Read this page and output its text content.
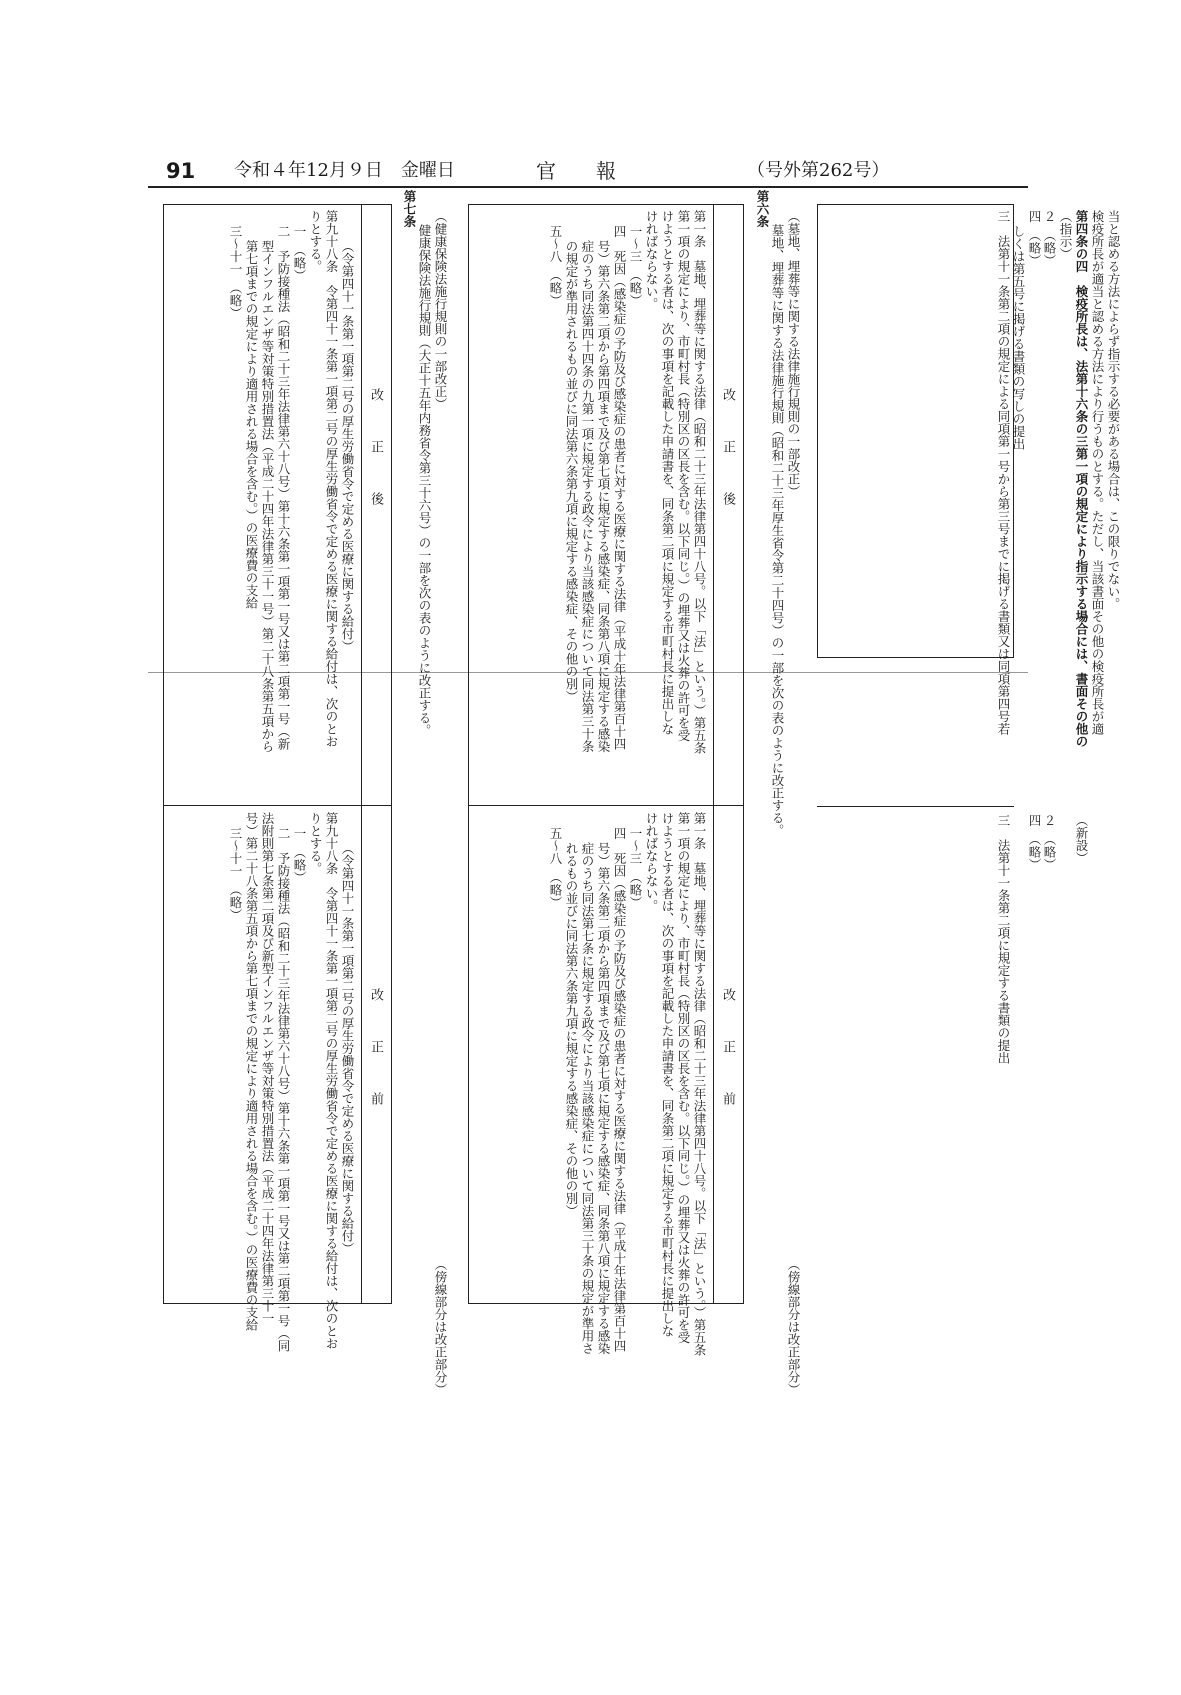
91 令和４年12月９日　金曜日	官　　報	（号外第262号）
三　法第十一条第二項の規定による同項第一号から第三号までに掲げる書類又は同項第四号若 しくは第五号に掲げる書類の写しの提出 四　（略） ２　（略） （指示） 第四条の四　検疫所長は、法第十六条の三第一項の規定により指示する場合には、書面その他の 検疫所長が適当と認める方法により行うものとする。ただし、当該書面その他の検疫所長が適 当と認める方法によらず指示する必要がある場合は、この限りでない。
三　法第十一条第二項に規定する書類の提出 四　（略） ２　（略） （新設）
第六条
墓地、埋葬等に関する法律施行規則（昭和二十三年厚生省令第二十四号）の一部を次の表のように改正する。 （墓地、埋葬等に関する法律施行規則の一部改正）
（傍線部分は改正部分）
改　　　正　　　後
改　　　正　　　前
第一条　墓地、埋葬等に関する法律（昭和二十三年法律第四十八号。以下「法」という。）第五条
第一項の規定により、市町村長（特別区の区長を含む。以下同じ。）の埋葬又は火葬の許可を受
けようとする者は、次の事項を記載した申請書を、同条第二項に規定する市町村長に提出しな
ければならない。
一～三　（略）
四　死因（感染症の予防及び感染症の患者に対する医療に関する法律（平成十年法律第百十四
号）第六条第二項から第四項まで及び第七項に規定する感染症、同条第八項に規定する感染
症のうち同法第四十四条の九第一項に規定する政令により当該感染症について同法第三十条
の規定が準用されるもの並びに同法第六条第九項に規定する感染症、その他の別）
五～八　（略）
第一条　墓地、埋葬等に関する法律（昭和二十三年法律第四十八号。以下「法」という。）第五条
第一項の規定により、市町村長（特別区の区長を含む。以下同じ。）の埋葬又は火葬の許可を受
けようとする者は、次の事項を記載した申請書を、同条第二項に規定する市町村長に提出しな
ければならない。
一～三　（略）
四　死因（感染症の予防及び感染症の患者に対する医療に関する法律（平成十年法律第百十四
号）第六条第二項から第四項まで及び第七項に規定する感染症、同条第八項に規定する感染
症のうち同法第七条に規定する政令により当該感染症について同法第三十条の規定が準用さ
れるもの並びに同法第六条第九項に規定する感染症、その他の別）
五～八　（略）
第七条
健康保険法施行規則（大正十五年内務省令第三十六号）の一部を次の表のように改正する。 （健康保険法施行規則の一部改正）
（傍線部分は改正部分）
改　　　正　　　後
改　　　正　　　前
（令第四十一条第一項第二号の厚生労働省令で定める医療に関する給付）
第九十八条　令第四十一条第一項第二号の厚生労働省令で定める医療に関する給付は、次のとお
りとする。
一　（略）
二　予防接種法（昭和二十三年法律第六十八号）第十六条第一項第一号又は第二項第一号（新
型インフルエンザ等対策特別措置法（平成二十四年法律第三十一号）第二十八条第五項から
第七項までの規定により適用される場合を含む。）の医療費の支給
三～十一　（略）
（令第四十一条第一項第二号の厚生労働省令で定める医療に関する給付）
第九十八条　令第四十一条第一項第二号の厚生労働省令で定める医療に関する給付は、次のとお
りとする。
一　（略）
二　予防接種法（昭和二十三年法律第六十八号）第十六条第一項第一号又は第二項第一号（同
法附則第七条第二項及び新型インフルエンザ等対策特別措置法（平成二十四年法律第三十一
号）第二十八条第五項から第七項までの規定により適用される場合を含む。）の医療費の支給
三～十一　（略）
